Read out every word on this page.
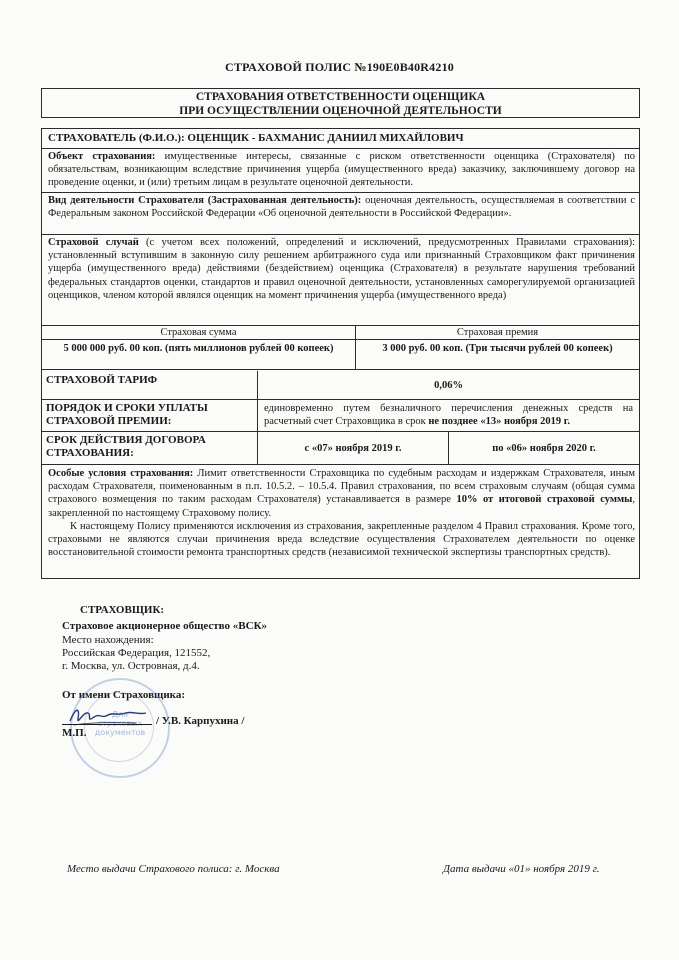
СТРАХОВОЙ ПОЛИС №190Е0В40R4210
СТРАХОВАНИЯ ОТВЕТСТВЕННОСТИ ОЦЕНЩИКА
ПРИ ОСУЩЕСТВЛЕНИИ ОЦЕНОЧНОЙ ДЕЯТЕЛЬНОСТИ
СТРАХОВАТЕЛЬ (Ф.И.О.): ОЦЕНЩИК - БАХМАНИС ДАНИИЛ МИХАЙЛОВИЧ
Объект страхования: имущественные интересы, связанные с риском ответственности оценщика (Страхователя) по обязательствам, возникающим вследствие причинения ущерба (имущественного вреда) заказчику, заключившему договор на проведение оценки, и (или) третьим лицам в результате оценочной деятельности.
Вид деятельности Страхователя (Застрахованная деятельность): оценочная деятельность, осуществляемая в соответствии с Федеральным законом Российской Федерации «Об оценочной деятельности в Российской Федерации».
Страховой случай (с учетом всех положений, определений и исключений, предусмотренных Правилами страхования): установленный вступившим в законную силу решением арбитражного суда или признанный Страховщиком факт причинения ущерба (имущественного вреда) действиями (бездействием) оценщика (Страхователя) в результате нарушения требований федеральных стандартов оценки, стандартов и правил оценочной деятельности, установленных саморегулируемой организацией оценщиков, членом которой являлся оценщик на момент причинения ущерба (имущественного вреда)
Страховая сумма	Страховая премия
5 000 000 руб. 00 коп. (пять миллионов рублей 00 копеек)	3 000 руб. 00 коп. (Три тысячи рублей 00 копеек)
СТРАХОВОЙ ТАРИФ	0,06%
ПОРЯДОК И СРОКИ УПЛАТЫ СТРАХОВОЙ ПРЕМИИ:
единовременно путем безналичного перечисления денежных средств на расчетный счет Страховщика в срок не позднее «13» ноября 2019 г.
СРОК ДЕЙСТВИЯ ДОГОВОРА СТРАХОВАНИЯ:	с «07» ноября 2019 г.	по «06» ноября 2020 г.
Особые условия страхования: Лимит ответственности Страховщика по судебным расходам и издержкам Страхователя, иным расходам Страхователя, поименованным в п.п. 10.5.2. – 10.5.4. Правил страхования, по всем страховым случаям (общая сумма страхового возмещения по таким расходам Страхователя) устанавливается в размере 10% от итоговой страховой суммы, закрепленной по настоящему Страховому полису.
К настоящему Полису применяются исключения из страхования, закрепленные разделом 4 Правил страхования. Кроме того, страховыми не являются случаи причинения вреда вследствие осуществления Страхователем деятельности по оценке восстановительной стоимости ремонта транспортных средств (независимой технической экспертизы транспортных средств).
СТРАХОВЩИК:
Страховое акционерное общество «ВСК»
Место нахождения:
Российская Федерация, 121552,
г. Москва, ул. Островная, д.4.
От имени Страховщика:
Для страховых документов
/ У.В. Карпухина /
М.П.
Место выдачи Страхового полиса: г. Москва	Дата выдачи «01» ноября 2019 г.
